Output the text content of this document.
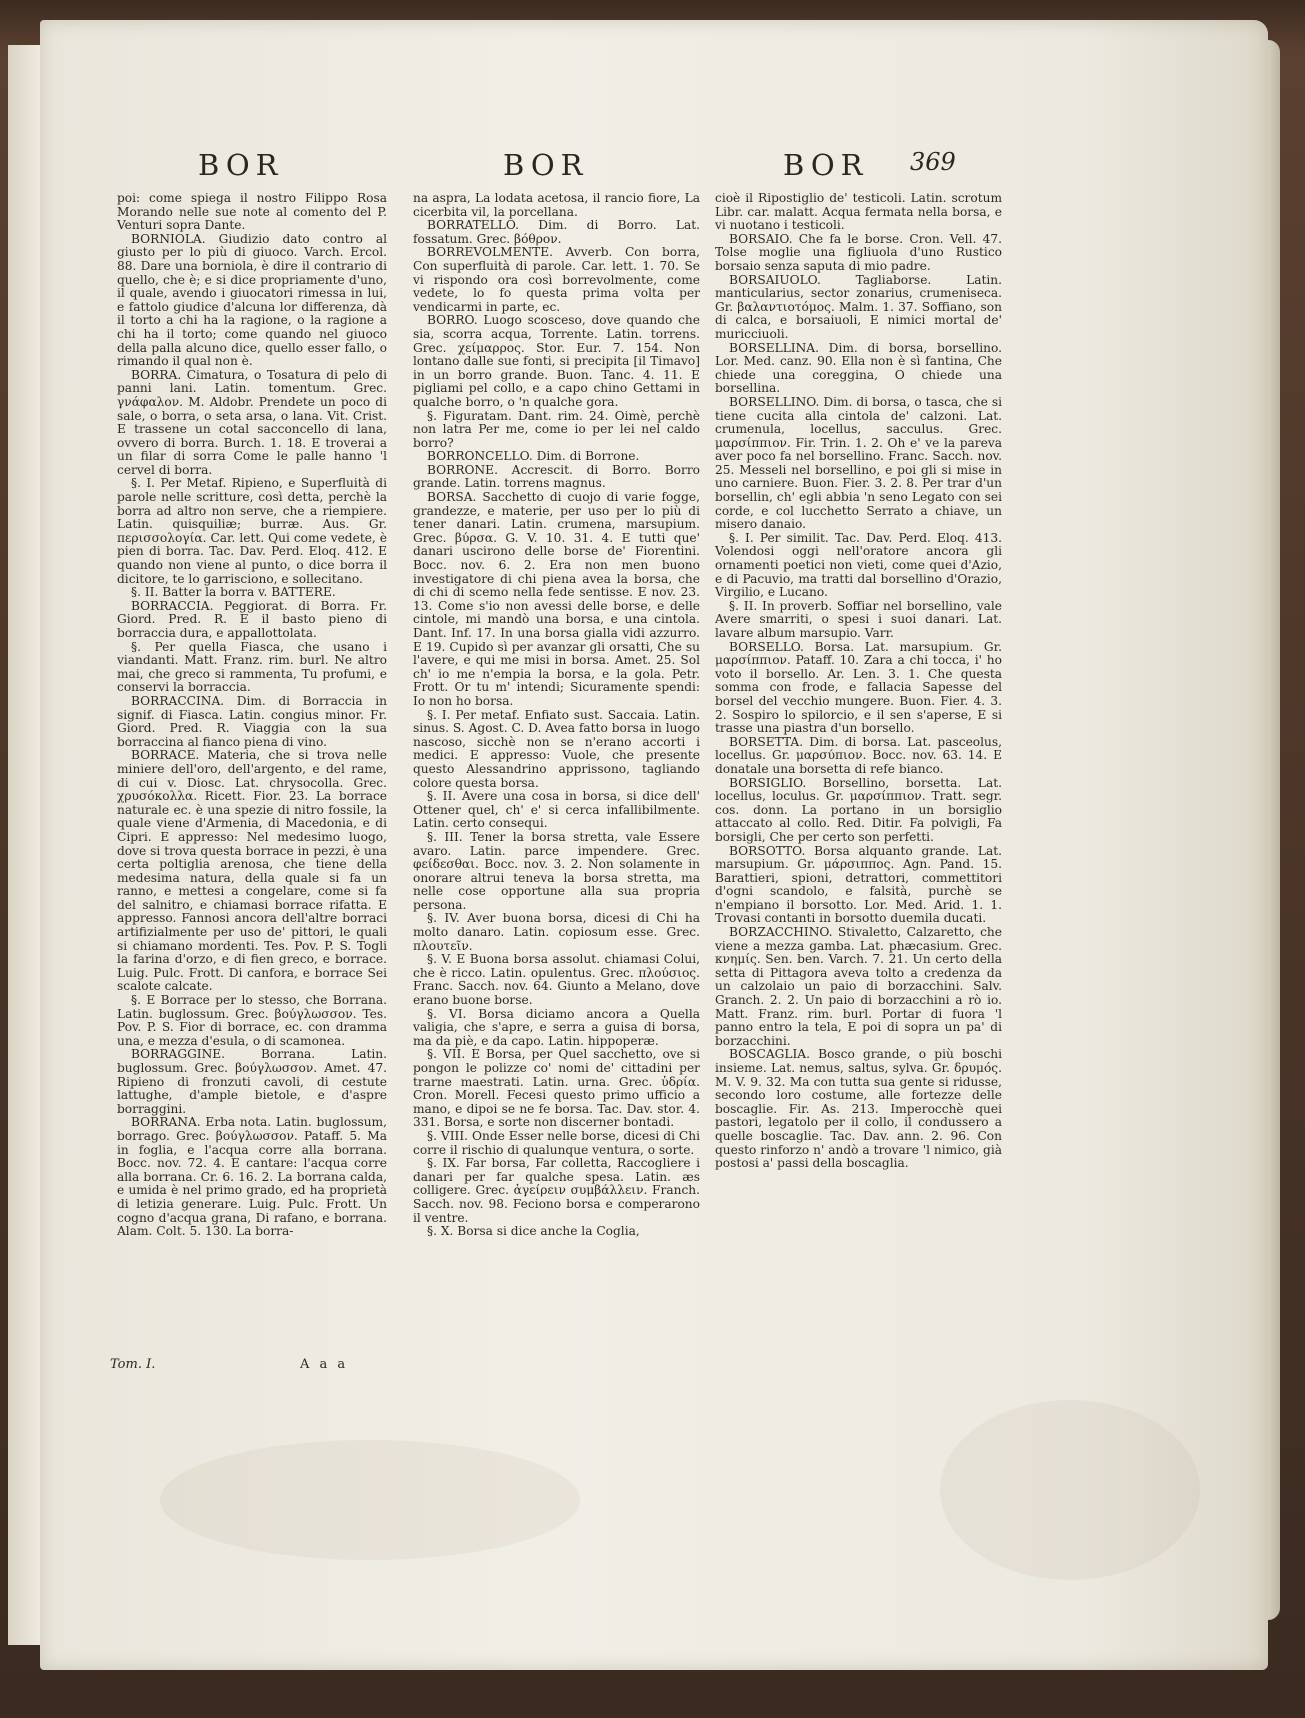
BOR	BOR	BOR 369

poi: come spiega il nostro Filippo Rosa Morando nelle sue note al comento del P. Venturi sopra Dante.

BORNIOLA. Giudizio dato contro al giusto per lo più di giuoco. Varch. Ercol. 88. Dare una borniola, è dire il contrario di quello, che è; e si dice propriamente d'uno, il quale, avendo i giuocatori rimessa in lui, e fattolo giudice d'alcuna lor differenza, dà il torto a chi ha la ragione, o la ragione a chi ha il torto; come quando nel giuoco della palla alcuno dice, quello esser fallo, o rimando il qual non è.

BORRA. Cimatura, o Tosatura di pelo di panni lani. Latin. tomentum. Grec. γνάφαλον. M. Aldobr. Prendete un poco di sale, o borra, o seta arsa, o lana. Vit. Crist. E trassene un cotal sacconcello di lana, ovvero di borra. Burch. 1. 18. E troverai a un filar di sorra Come le palle hanno 'l cervel di borra.

§. I. Per Metaf. Ripieno, e Superfluità di parole nelle scritture, così detta, perchè la borra ad altro non serve, che a riempiere. Latin. quisquiliæ; burræ. Aus. Gr. περισσολογία. Car. lett. Qui come vedete, è pien di borra. Tac. Dav. Perd. Eloq. 412. E quando non viene al punto, o dice borra il dicitore, te lo garrisciono, e sollecitano.

§. II. Batter la borra v. BATTERE.

BORRACCIA. Peggiorat. di Borra. Fr. Giord. Pred. R. E il basto pieno di borraccia dura, e appallottolata.

§. Per quella Fiasca, che usano i viandanti. Matt. Franz. rim. burl. Ne altro mai, che greco si rammenta, Tu profumi, e conservi la borraccia.

BORRACCINA. Dim. di Borraccia in signif. di Fiasca. Latin. congius minor. Fr. Giord. Pred. R. Viaggia con la sua borraccina al fianco piena di vino.

BORRACE. Materia, che si trova nelle miniere dell'oro, dell'argento, e del rame, di cui v. Diosc. Lat. chrysocolla. Grec. χρυσόκολλα. Ricett. Fior. 23. La borrace naturale ec. è una spezie di nitro fossile, la quale viene d'Armenia, di Macedonia, e di Cipri. E appresso: Nel medesimo luogo, dove si trova questa borrace in pezzi, è una certa poltiglia arenosa, che tiene della medesima natura, della quale si fa un ranno, e mettesi a congelare, come si fa del salnitro, e chiamasi borrace rifatta. E appresso. Fannosi ancora dell'altre borraci artifizialmente per uso de' pittori, le quali si chiamano mordenti. Tes. Pov. P. S. Togli la farina d'orzo, e di fien greco, e borrace. Luig. Pulc. Frott. Di canfora, e borrace Sei scalote calcate.

§. E Borrace per lo stesso, che Borrana. Latin. buglossum. Grec. βούγλωσσον. Tes. Pov. P. S. Fior di borrace, ec. con dramma una, e mezza d'esula, o di scamonea.

BORRAGGINE. Borrana. Latin. buglossum. Grec. βούγλωσσον. Amet. 47. Ripieno di fronzuti cavoli, di cestute lattughe, d'ample bietole, e d'aspre borraggini.

BORRANA. Erba nota. Latin. buglossum, borrago. Grec. βούγλωσσον. Pataff. 5. Ma in foglia, e l'acqua corre alla borrana. Bocc. nov. 72. 4. E cantare: l'acqua corre alla borrana. Cr. 6. 16. 2. La borrana calda, e umida è nel primo grado, ed ha proprietà di letizia generare. Luig. Pulc. Frott. Un cogno d'acqua grana, Di rafano, e borrana. Alam. Colt. 5. 130. La borra-

na aspra, La lodata acetosa, il rancio fiore, La cicerbita vil, la porcellana.

BORRATELLO. Dim. di Borro. Lat. fossatum. Grec. βόθρον.

BORREVOLMENTE. Avverb. Con borra, Con superfluità di parole. Car. lett. 1. 70. Se vi rispondo ora così borrevolmente, come vedete, lo fo questa prima volta per vendicarmi in parte, ec.

BORRO. Luogo scosceso, dove quando che sia, scorra acqua, Torrente. Latin. torrens. Grec. χείμαρρος. Stor. Eur. 7. 154. Non lontano dalle sue fonti, si precipita [il Timavo] in un borro grande. Buon. Tanc. 4. 11. E pigliami pel collo, e a capo chino Gettami in qualche borro, o 'n qualche gora.

§. Figuratam. Dant. rim. 24. Oimè, perchè non latra Per me, come io per lei nel caldo borro?

BORRONCELLO. Dim. di Borrone.

BORRONE. Accrescit. di Borro. Borro grande. Latin. torrens magnus.

BORSA. Sacchetto di cuojo di varie fogge, grandezze, e materie, per uso per lo più di tener danari. Latin. crumena, marsupium. Grec. βύρσα. G. V. 10. 31. 4. E tutti que' danari uscirono delle borse de' Fiorentini. Bocc. nov. 6. 2. Era non men buono investigatore di chi piena avea la borsa, che di chi di scemo nella fede sentisse. E nov. 23. 13. Come s'io non avessi delle borse, e delle cintole, mi mandò una borsa, e una cintola. Dant. Inf. 17. In una borsa gialla vidi azzurro. E 19. Cupido sì per avanzar gli orsatti, Che su l'avere, e qui me misi in borsa. Amet. 25. Sol ch' io me n'empia la borsa, e la gola. Petr. Frott. Or tu m' intendi; Sicuramente spendi: Io non ho borsa.

§. I. Per metaf. Enfiato sust. Saccaia. Latin. sinus. S. Agost. C. D. Avea fatto borsa in luogo nascoso, sicchè non se n'erano accorti i medici. E appresso: Vuole, che presente questo Alessandrino apprissono, tagliando colore questa borsa.

§. II. Avere una cosa in borsa, si dice dell' Ottener quel, ch' e' si cerca infallibilmente. Latin. certo consequi.

§. III. Tener la borsa stretta, vale Essere avaro. Latin. parce impendere. Grec. φείδεσθαι. Bocc. nov. 3. 2. Non solamente in onorare altrui teneva la borsa stretta, ma nelle cose opportune alla sua propria persona.

§. IV. Aver buona borsa, dicesi di Chi ha molto danaro. Latin. copiosum esse. Grec. πλουτεῖν.

§. V. E Buona borsa assolut. chiamasi Colui, che è ricco. Latin. opulentus. Grec. πλούσιος. Franc. Sacch. nov. 64. Giunto a Melano, dove erano buone borse.

§. VI. Borsa diciamo ancora a Quella valigia, che s'apre, e serra a guisa di borsa, ma da piè, e da capo. Latin. hippoperæ.

§. VII. E Borsa, per Quel sacchetto, ove si pongon le polizze co' nomi de' cittadini per trarne maestrati. Latin. urna. Grec. ὑδρία. Cron. Morell. Fecesi questo primo ufficio a mano, e dipoi se ne fe borsa. Tac. Dav. stor. 4. 331. Borsa, e sorte non discerner bontadi.

§. VIII. Onde Esser nelle borse, dicesi di Chi corre il rischio di qualunque ventura, o sorte.

§. IX. Far borsa, Far colletta, Raccogliere i danari per far qualche spesa. Latin. æs colligere. Grec. ἀγείρειν συμβάλλειν. Franch. Sacch. nov. 98. Feciono borsa e comperarono il ventre.

§. X. Borsa si dice anche la Coglia,

cioè il Ripostiglio de' testicoli. Latin. scrotum Libr. car. malatt. Acqua fermata nella borsa, e vi nuotano i testicoli.

BORSAIO. Che fa le borse. Cron. Vell. 47. Tolse moglie una figliuola d'uno Rustico borsaio senza saputa di mio padre.

BORSAIUOLO. Tagliaborse. Latin. manticularius, sector zonarius, crumeniseca. Gr. βαλαντιοτόμος. Malm. 1. 37. Soffiano, son di calca, e borsaiuoli, E nimici mortal de' muricciuoli.

BORSELLINA. Dim. di borsa, borsellino. Lor. Med. canz. 90. Ella non è sì fantina, Che chiede una coreggina, O chiede una borsellina.

BORSELLINO. Dim. di borsa, o tasca, che si tiene cucita alla cintola de' calzoni. Lat. crumenula, locellus, sacculus. Grec. μαρσίππιον. Fir. Trin. 1. 2. Oh e' ve la pareva aver poco fa nel borsellino. Franc. Sacch. nov. 25. Messeli nel borsellino, e poi gli si mise in uno carniere. Buon. Fier. 3. 2. 8. Per trar d'un borsellin, ch' egli abbia 'n seno Legato con sei corde, e col lucchetto Serrato a chiave, un misero danaio.

§. I. Per similit. Tac. Dav. Perd. Eloq. 413. Volendosi oggi nell'oratore ancora gli ornamenti poetici non vieti, come quei d'Azio, e di Pacuvio, ma tratti dal borsellino d'Orazio, Virgilio, e Lucano.

§. II. In proverb. Soffiar nel borsellino, vale Avere smarriti, o spesi i suoi danari. Lat. lavare album marsupio. Varr.

BORSELLO. Borsa. Lat. marsupium. Gr. μαρσίππιον. Pataff. 10. Zara a chi tocca, i' ho voto il borsello. Ar. Len. 3. 1. Che questa somma con frode, e fallacia Sapesse del borsel del vecchio mungere. Buon. Fier. 4. 3. 2. Sospiro lo spilorcio, e il sen s'aperse, E si trasse una piastra d'un borsello.

BORSETTA. Dim. di borsa. Lat. pasceolus, locellus. Gr. μαρσύπιον. Bocc. nov. 63. 14. E donatale una borsetta di refe bianco.

BORSIGLIO. Borsellino, borsetta. Lat. locellus, loculus. Gr. μαρσίππιον. Tratt. segr. cos. donn. La portano in un borsiglio attaccato al collo. Red. Ditir. Fa polvigli, Fa borsigli, Che per certo son perfetti.

BORSOTTO. Borsa alquanto grande. Lat. marsupium. Gr. μάρσιππος. Agn. Pand. 15. Barattieri, spioni, detrattori, commettitori d'ogni scandolo, e falsità, purchè se n'empiano il borsotto. Lor. Med. Arid. 1. 1. Trovasi contanti in borsotto duemila ducati.

BORZACCHINO. Stivaletto, Calzaretto, che viene a mezza gamba. Lat. phæcasium. Grec. κνημίς. Sen. ben. Varch. 7. 21. Un certo della setta di Pittagora aveva tolto a credenza da un calzolaio un paio di borzacchini. Salv. Granch. 2. 2. Un paio di borzacchini a rò io. Matt. Franz. rim. burl. Portar di fuora 'l panno entro la tela, E poi di sopra un pa' di borzacchini.

BOSCAGLIA. Bosco grande, o più boschi insieme. Lat. nemus, saltus, sylva. Gr. δρυμός. M. V. 9. 32. Ma con tutta sua gente si ridusse, secondo loro costume, alle fortezze delle boscaglie. Fir. As. 213. Imperocchè quei pastori, legatolo per il collo, il condussero a quelle boscaglie. Tac. Dav. ann. 2. 96. Con questo rinforzo n' andò a trovare 'l nimico, già postosi a' passi della boscaglia.

Tom. I.	A a a
